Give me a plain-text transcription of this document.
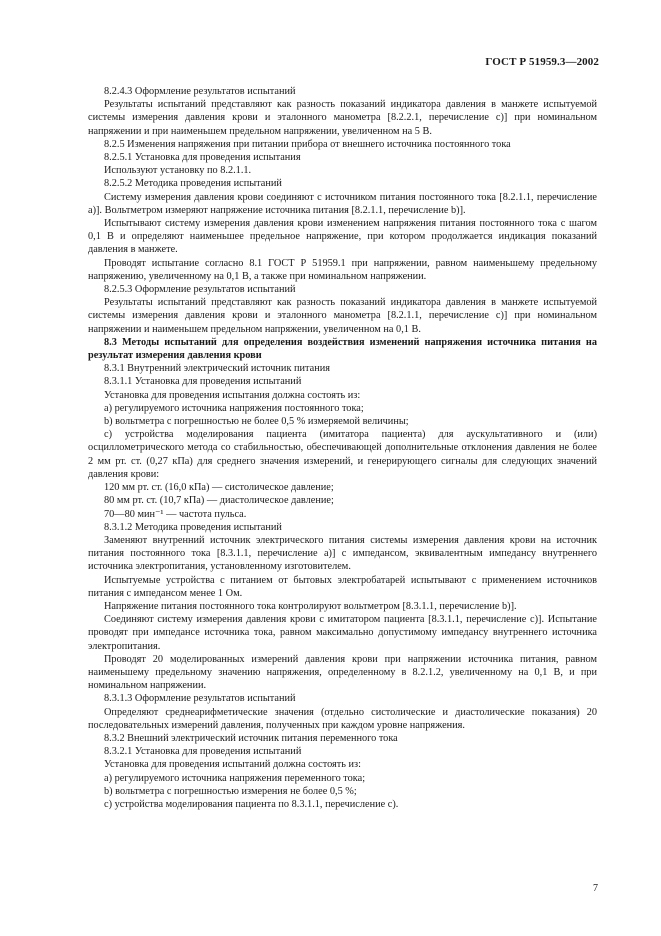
ГОСТ Р 51959.3—2002
8.2.4.3 Оформление результатов испытаний
Результаты испытаний представляют как разность показаний индикатора давления в манжете испытуемой системы измерения давления крови и эталонного манометра [8.2.2.1, перечисление c)] при номинальном напряжении и при наименьшем предельном напряжении, увеличенном на 5 В.
8.2.5 Изменения напряжения при питании прибора от внешнего источника постоянного тока
8.2.5.1 Установка для проведения испытания
Используют установку по 8.2.1.1.
8.2.5.2 Методика проведения испытаний
Систему измерения давления крови соединяют с источником питания постоянного тока [8.2.1.1, перечисление a)]. Вольтметром измеряют напряжение источника питания [8.2.1.1, перечисление b)].
Испытывают систему измерения давления крови изменением напряжения питания постоянного тока с шагом 0,1 В и определяют наименьшее предельное напряжение, при котором продолжается индикация показаний давления в манжете.
Проводят испытание согласно 8.1 ГОСТ Р 51959.1 при напряжении, равном наименьшему предельному напряжению, увеличенному на 0,1 В, а также при номинальном напряжении.
8.2.5.3 Оформление результатов испытаний
Результаты испытаний представляют как разность показаний индикатора давления в манжете испытуемой системы измерения давления крови и эталонного манометра [8.2.1.1, перечисление c)] при номинальном напряжении и наименьшем предельном напряжении, увеличенном на 0,1 В.
8.3 Методы испытаний для определения воздействия изменений напряжения источника питания на результат измерения давления крови
8.3.1 Внутренний электрический источник питания
8.3.1.1 Установка для проведения испытаний
Установка для проведения испытания должна состоять из:
a) регулируемого источника напряжения постоянного тока;
b) вольтметра с погрешностью не более 0,5 % измеряемой величины;
c) устройства моделирования пациента (имитатора пациента) для аускультативного и (или) осциллометрического метода со стабильностью, обеспечивающей дополнительные отклонения давления не более 2 мм рт. ст. (0,27 кПа) для среднего значения измерений, и генерирующего сигналы для следующих значений давления крови:
120 мм рт. ст. (16,0 кПа) — систолическое давление;
80 мм рт. ст. (10,7 кПа) — диастолическое давление;
70—80 мин⁻¹ — частота пульса.
8.3.1.2 Методика проведения испытаний
Заменяют внутренний источник электрического питания системы измерения давления крови на источник питания постоянного тока [8.3.1.1, перечисление a)] с импедансом, эквивалентным импедансу внутреннего источника электропитания, установленному изготовителем.
Испытуемые устройства с питанием от бытовых электробатарей испытывают с применением источников питания с импедансом менее 1 Ом.
Напряжение питания постоянного тока контролируют вольтметром [8.3.1.1, перечисление b)].
Соединяют систему измерения давления крови с имитатором пациента [8.3.1.1, перечисление c)]. Испытание проводят при импедансе источника тока, равном максимально допустимому импедансу внутреннего источника электропитания.
Проводят 20 моделированных измерений давления крови при напряжении источника питания, равном наименьшему предельному значению напряжения, определенному в 8.2.1.2, увеличенному на 0,1 В, и при номинальном напряжении.
8.3.1.3 Оформление результатов испытаний
Определяют среднеарифметические значения (отдельно систолические и диастолические показания) 20 последовательных измерений давления, полученных при каждом уровне напряжения.
8.3.2 Внешний электрический источник питания переменного тока
8.3.2.1 Установка для проведения испытаний
Установка для проведения испытаний должна состоять из:
a) регулируемого источника напряжения переменного тока;
b) вольтметра с погрешностью измерения не более 0,5 %;
c) устройства моделирования пациента по 8.3.1.1, перечисление c).
7
